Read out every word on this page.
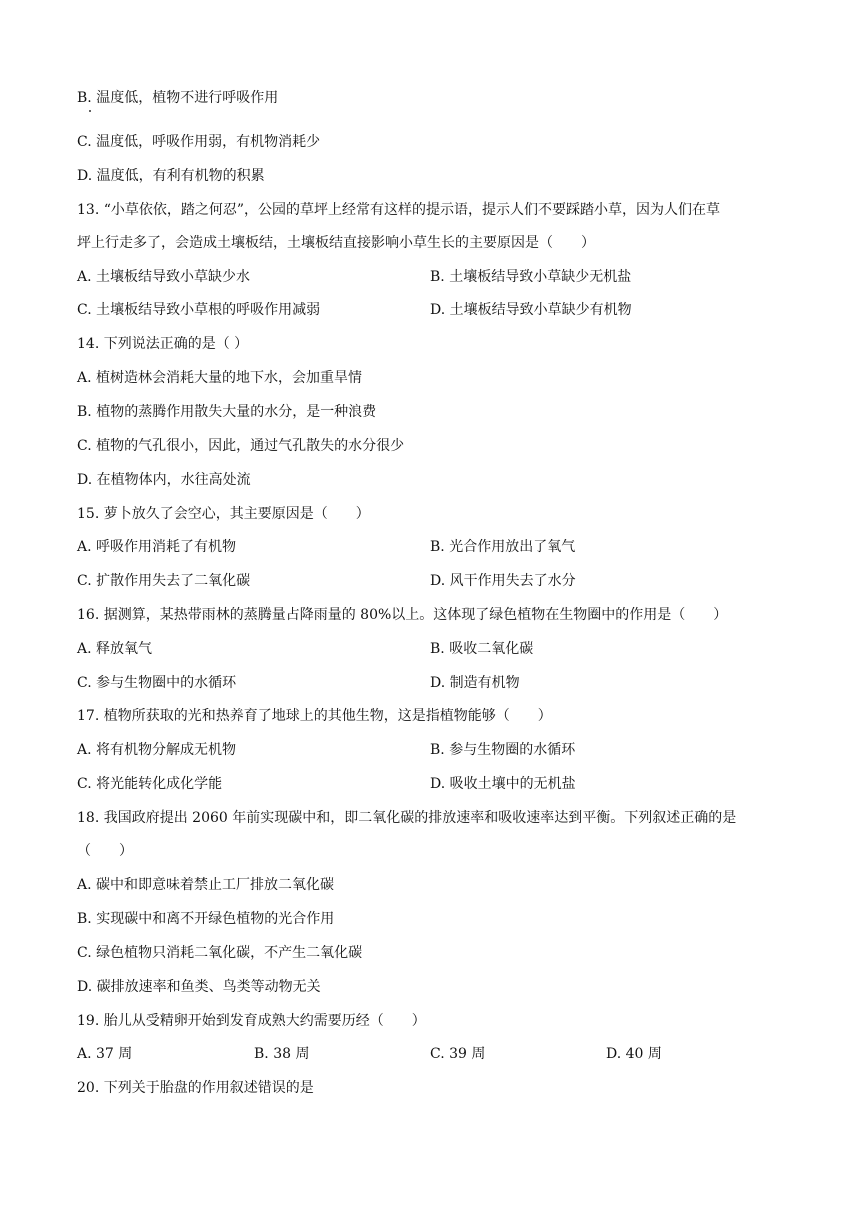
B. 温度低，植物不进行呼吸作用
C. 温度低，呼吸作用弱，有机物消耗少
D. 温度低，有利有机物的积累
13. “小草依依，踏之何忍”，公园的草坪上经常有这样的提示语，提示人们不要踩踏小草，因为人们在草
坪上行走多了，会造成土壤板结，土壤板结直接影响小草生长的主要原因是（　　）
A. 土壤板结导致小草缺少水	B. 土壤板结导致小草缺少无机盐
C. 土壤板结导致小草根的呼吸作用减弱	D. 土壤板结导致小草缺少有机物
14. 下列说法正确的是（ ）
A. 植树造林会消耗大量的地下水，会加重旱情
B. 植物的蒸腾作用散失大量的水分，是一种浪费
C. 植物的气孔很小，因此，通过气孔散失的水分很少
D. 在植物体内，水往高处流
15. 萝卜放久了会空心，其主要原因是（　　）
A. 呼吸作用消耗了有机物	B. 光合作用放出了氧气
C. 扩散作用失去了二氧化碳	D. 风干作用失去了水分
16. 据测算，某热带雨林的蒸腾量占降雨量的 80%以上。这体现了绿色植物在生物圈中的作用是（　　）
A. 释放氧气	B. 吸收二氧化碳
C. 参与生物圈中的水循环	D. 制造有机物
17. 植物所获取的光和热养育了地球上的其他生物，这是指植物能够（　　）
A. 将有机物分解成无机物	B. 参与生物圈的水循环
C. 将光能转化成化学能	D. 吸收土壤中的无机盐
18. 我国政府提出 2060 年前实现碳中和，即二氧化碳的排放速率和吸收速率达到平衡。下列叙述正确的是
（　　）
A. 碳中和即意味着禁止工厂排放二氧化碳
B. 实现碳中和离不开绿色植物的光合作用
C. 绿色植物只消耗二氧化碳，不产生二氧化碳
D. 碳排放速率和鱼类、鸟类等动物无关
19. 胎儿从受精卵开始到发育成熟大约需要历经（　　）
A. 37 周	B. 38 周	C. 39 周	D. 40 周
20. 下列关于胎盘的作用叙述错误的是
